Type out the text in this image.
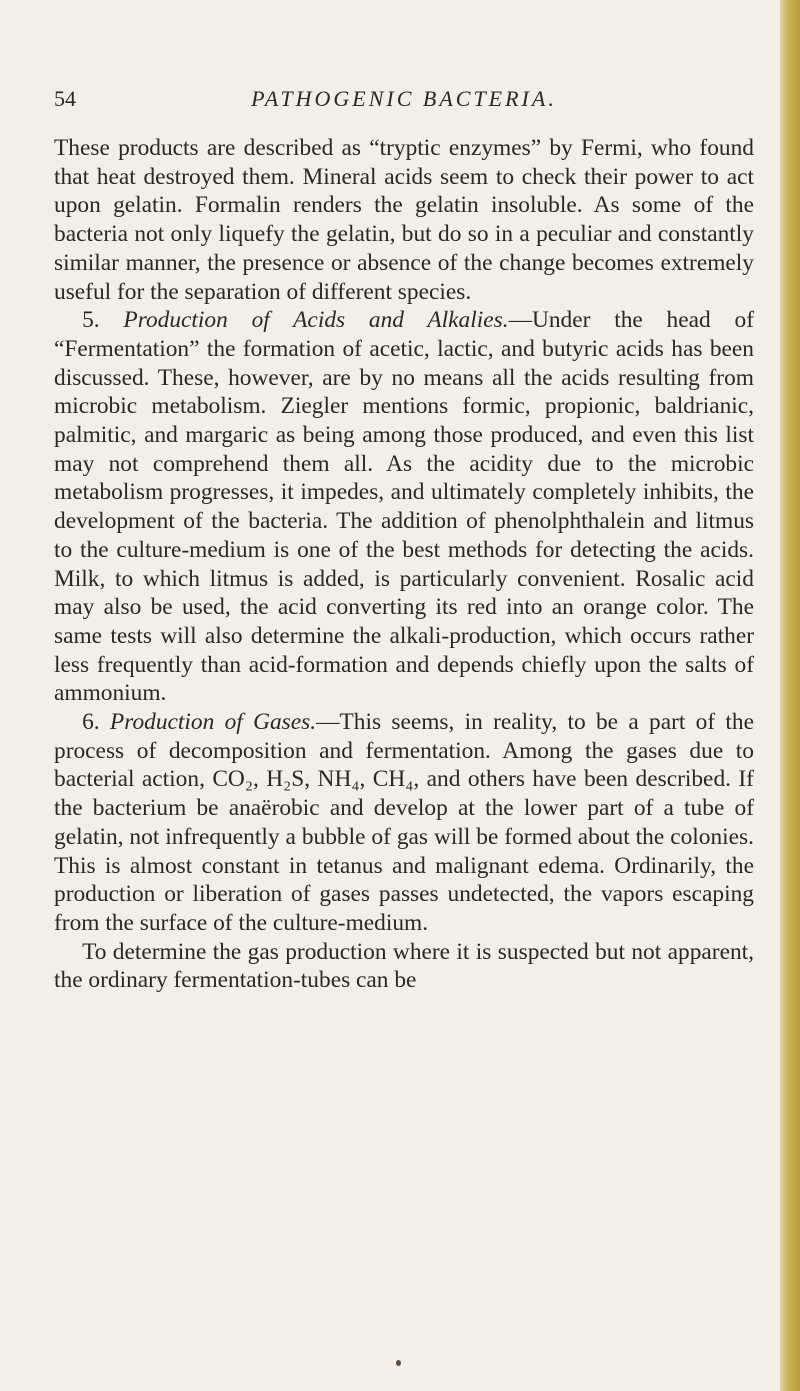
54	PATHOGENIC BACTERIA.

These products are described as “tryptic enzymes” by Fermi, who found that heat destroyed them. Mineral acids seem to check their power to act upon gelatin. Formalin renders the gelatin insoluble. As some of the bacteria not only liquefy the gelatin, but do so in a peculiar and constantly similar manner, the presence or absence of the change becomes extremely useful for the separation of different species.

5. Production of Acids and Alkalies.—Under the head of “Fermentation” the formation of acetic, lactic, and butyric acids has been discussed. These, however, are by no means all the acids resulting from microbic metabolism. Ziegler mentions formic, propionic, baldrianic, palmitic, and margaric as being among those produced, and even this list may not comprehend them all. As the acidity due to the microbic metabolism progresses, it impedes, and ultimately completely inhibits, the development of the bacteria. The addition of phenolphthalein and litmus to the culture-medium is one of the best methods for detecting the acids. Milk, to which litmus is added, is particularly convenient. Rosalic acid may also be used, the acid converting its red into an orange color. The same tests will also determine the alkali-production, which occurs rather less frequently than acid-formation and depends chiefly upon the salts of ammonium.

6. Production of Gases.—This seems, in reality, to be a part of the process of decomposition and fermentation. Among the gases due to bacterial action, CO₂, H₂S, NH₄, CH₄, and others have been described. If the bacterium be anaërobic and develop at the lower part of a tube of gelatin, not infrequently a bubble of gas will be formed about the colonies. This is almost constant in tetanus and malignant edema. Ordinarily, the production or liberation of gases passes undetected, the vapors escaping from the surface of the culture-medium.

To determine the gas production where it is suspected but not apparent, the ordinary fermentation-tubes can be
